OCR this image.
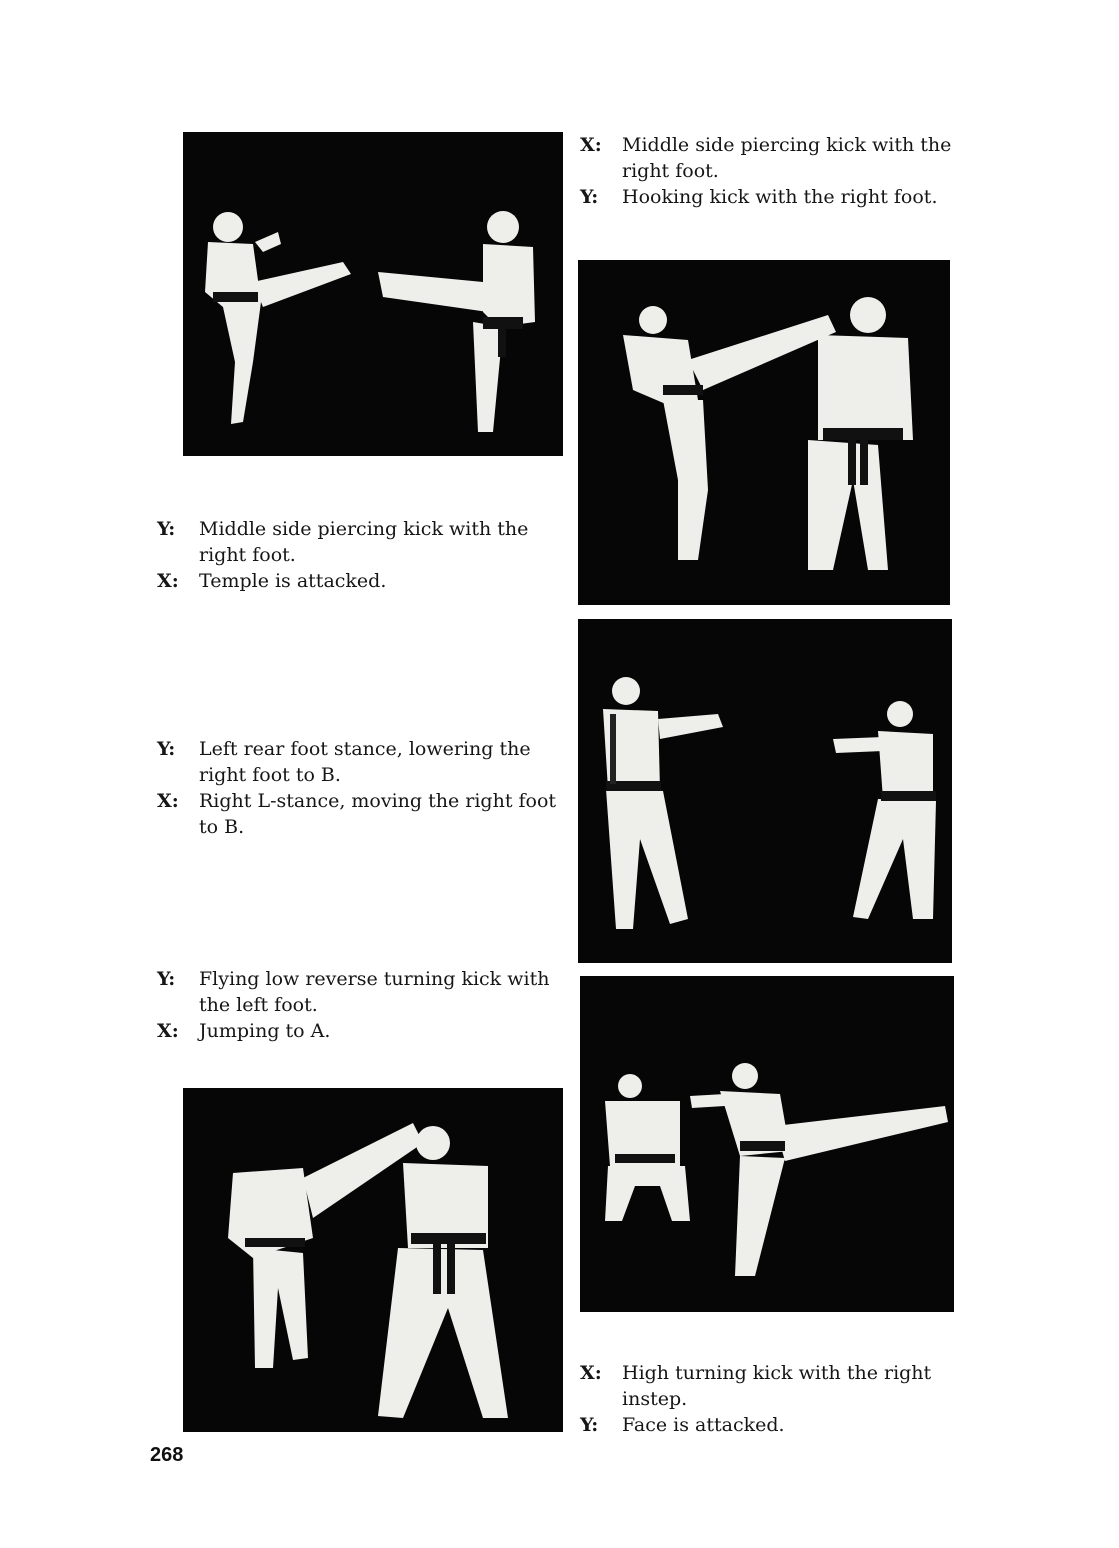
X: Middle side piercing kick with the right foot.
Y: Hooking kick with the right foot.
Y: Middle side piercing kick with the right foot.
X: Temple is attacked.
Y: Left rear foot stance, lowering the right foot to B.
X: Right L-stance, moving the right foot to B.
Y: Flying low reverse turning kick with the left foot.
X: Jumping to A.
X: High turning kick with the right instep.
Y: Face is attacked.
268
